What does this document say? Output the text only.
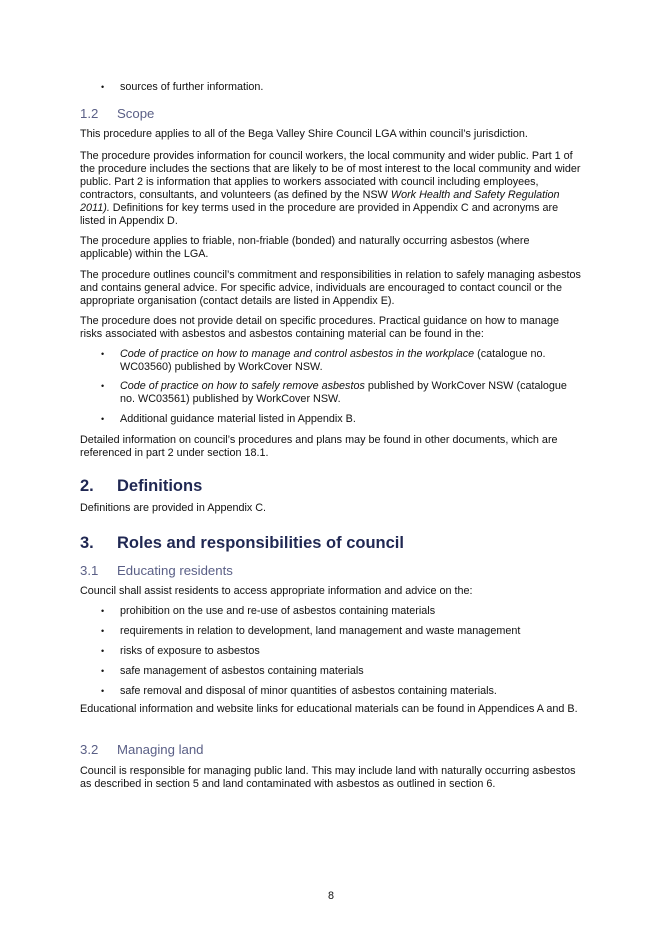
• sources of further information.
1.2 Scope

This procedure applies to all of the Bega Valley Shire Council LGA within council’s jurisdiction.

The procedure provides information for council workers, the local community and wider public. Part 1 of the procedure includes the sections that are likely to be of most interest to the local community and wider public. Part 2 is information that applies to workers associated with council including employees, contractors, consultants, and volunteers (as defined by the NSW Work Health and Safety Regulation 2011). Definitions for key terms used in the procedure are provided in Appendix C and acronyms are listed in Appendix D.

The procedure applies to friable, non-friable (bonded) and naturally occurring asbestos (where applicable) within the LGA.

The procedure outlines council’s commitment and responsibilities in relation to safely managing asbestos and contains general advice. For specific advice, individuals are encouraged to contact council or the appropriate organisation (contact details are listed in Appendix E).

The procedure does not provide detail on specific procedures. Practical guidance on how to manage risks associated with asbestos and asbestos containing material can be found in the:

• Code of practice on how to manage and control asbestos in the workplace (catalogue no. WC03560) published by WorkCover NSW.
• Code of practice on how to safely remove asbestos published by WorkCover NSW (catalogue no. WC03561) published by WorkCover NSW.
• Additional guidance material listed in Appendix B.

Detailed information on council’s procedures and plans may be found in other documents, which are referenced in part 2 under section 18.1.

2. Definitions

Definitions are provided in Appendix C.

3. Roles and responsibilities of council
3.1 Educating residents

Council shall assist residents to access appropriate information and advice on the:

• prohibition on the use and re-use of asbestos containing materials
• requirements in relation to development, land management and waste management
• risks of exposure to asbestos
• safe management of asbestos containing materials
• safe removal and disposal of minor quantities of asbestos containing materials.

Educational information and website links for educational materials can be found in Appendices A and B.

3.2 Managing land

Council is responsible for managing public land. This may include land with naturally occurring asbestos as described in section 5 and land contaminated with asbestos as outlined in section 6.

8
